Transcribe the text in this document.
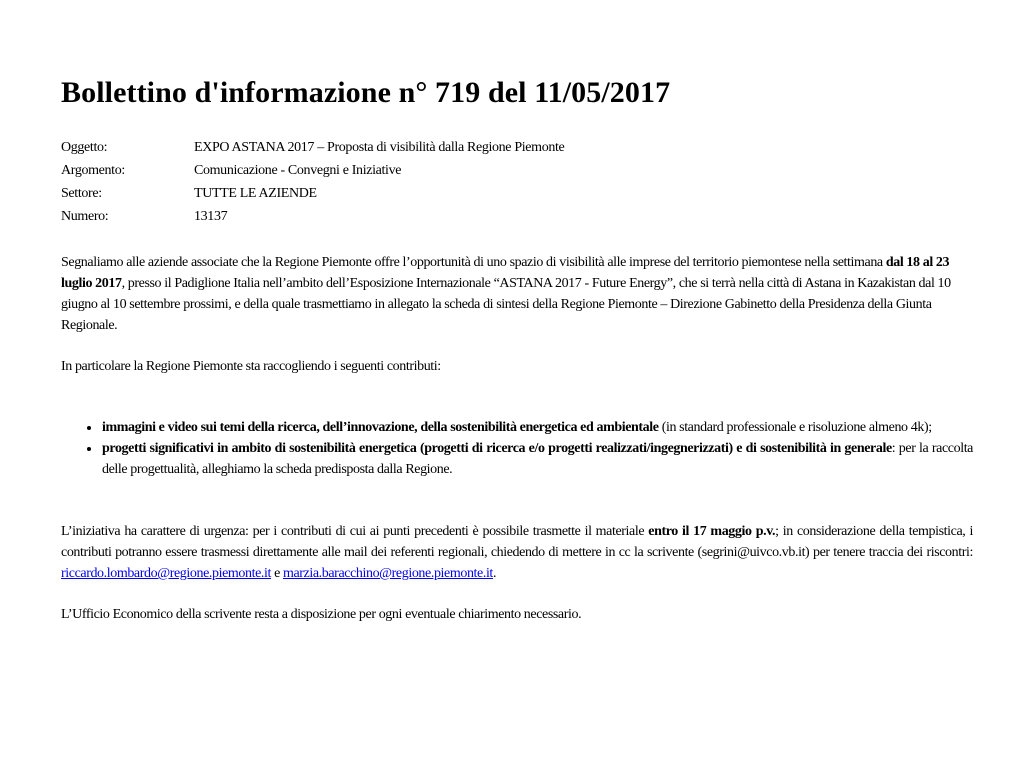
Bollettino d'informazione n° 719 del 11/05/2017
Oggetto:	EXPO ASTANA 2017 – Proposta di visibilità dalla Regione Piemonte
Argomento:	Comunicazione - Convegni e Iniziative
Settore:	TUTTE LE AZIENDE
Numero:	13137

Segnaliamo alle aziende associate che la Regione Piemonte offre l’opportunità di uno spazio di visibilità alle imprese del territorio piemontese nella settimana dal 18 al 23 luglio 2017, presso il Padiglione Italia nell’ambito dell’Esposizione Internazionale “ASTANA 2017 - Future Energy”, che si terrà nella città di Astana in Kazakistan dal 10 giugno al 10 settembre prossimi, e della quale trasmettiamo in allegato la scheda di sintesi della Regione Piemonte – Direzione Gabinetto della Presidenza della Giunta Regionale.

In particolare la Regione Piemonte sta raccogliendo i seguenti contributi:

• immagini e video sui temi della ricerca, dell’innovazione, della sostenibilità energetica ed ambientale (in standard professionale e risoluzione almeno 4k);
• progetti significativi in ambito di sostenibilità energetica (progetti di ricerca e/o progetti realizzati/ingegnerizzati) e di sostenibilità in generale: per la raccolta delle progettualità, alleghiamo la scheda predisposta dalla Regione.

L’iniziativa ha carattere di urgenza: per i contributi di cui ai punti precedenti è possibile trasmette il materiale entro il 17 maggio p.v.; in considerazione della tempistica, i contributi potranno essere trasmessi direttamente alle mail dei referenti regionali, chiedendo di mettere in cc la scrivente (segrini@uivco.vb.it) per tenere traccia dei riscontri: riccardo.lombardo@regione.piemonte.it e marzia.baracchino@regione.piemonte.it.

L’Ufficio Economico della scrivente resta a disposizione per ogni eventuale chiarimento necessario.
